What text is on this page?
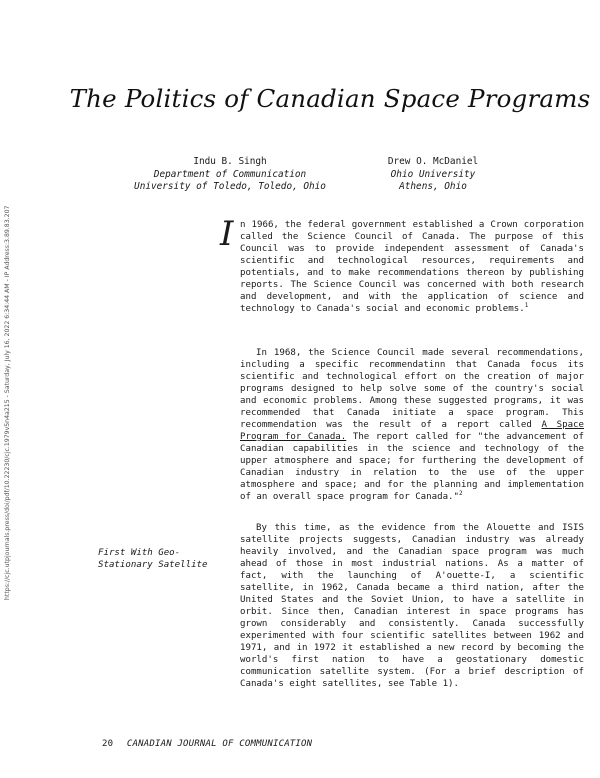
https://cjc.utpjournals.press/doi/pdf/10.22230/cjc.1979v5n4a215 - Saturday, July 16, 2022 6:34:44 AM - IP Address:3.89.83.207
The Politics of Canadian Space Programs
Indu B. Singh
Department of Communication
University of Toledo, Toledo, Ohio
Drew O. McDaniel
Ohio University
Athens, Ohio

In 1966, the federal government established a Crown corporation called the Science Council of Canada. The purpose of this Council was to provide independent assessment of Canada's scientific and technological resources, requirements and potentials, and to make recommendations thereon by publishing reports. The Science Council was concerned with both research and development, and with the application of science and technology to Canada's social and economic problems.$^1$

In 1968, the Science Council made several recommendations, including a specific recommendatinn that Canada focus its scientific and technological effort on the creation of major programs designed to help solve some of the country's social and economic problems. Among these suggested programs, it was recommended that Canada initiate a space program. This recommendation was the result of a report called A Space Program for Canada. The report called for "the advancement of Canadian capabilities in the science and technology of the upper atmosphere and space; for furthering the development of Canadian industry in relation to the use of the upper atmosphere and space; and for the planning and implementation of an overall space program for Canada."$^2$

First With Geo-Stationary Satellite

By this time, as the evidence from the Alouette and ISIS satellite projects suggests, Canadian industry was already heavily involved, and the Canadian space program was much ahead of those in most industrial nations. As a matter of fact, with the launching of A'ouette-I, a scientific satellite, in 1962, Canada became a third nation, after the United States and the Soviet Union, to have a satellite in orbit. Since then, Canadian interest in space programs has grown considerably and consistently. Canada successfully experimented with four scientific satellites between 1962 and 1971, and in 1972 it established a new record by becoming the world's first nation to have a geostationary domestic communication satellite system. (For a brief description of Canada's eight satellites, see Table 1).

20 CANADIAN JOURNAL OF COMMUNICATION
